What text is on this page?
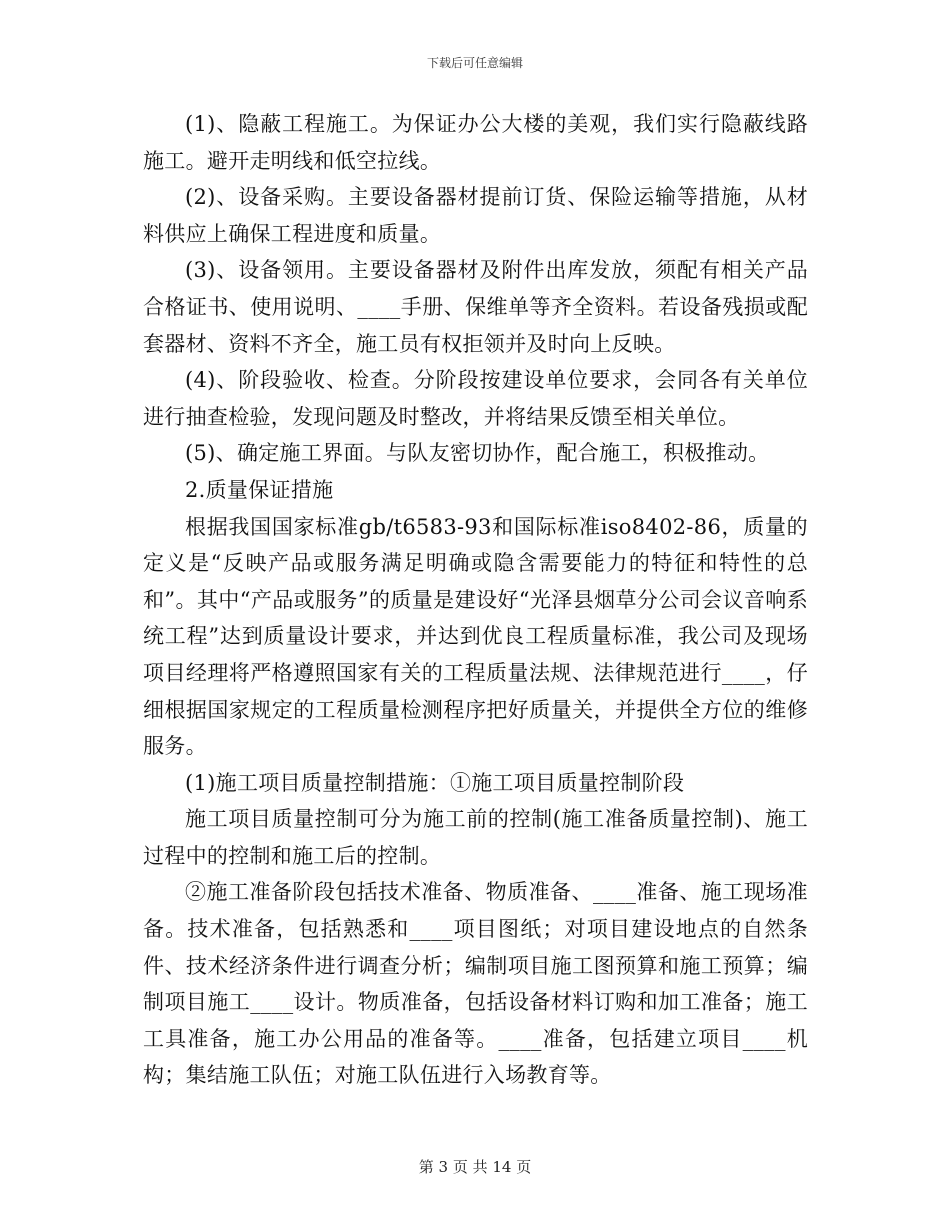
下载后可任意编辑

(1)、隐蔽工程施工。为保证办公大楼的美观，我们实行隐蔽线路施工。避开走明线和低空拉线。

(2)、设备采购。主要设备器材提前订货、保险运输等措施，从材料供应上确保工程进度和质量。

(3)、设备领用。主要设备器材及附件出库发放，须配有相关产品合格证书、使用说明、____手册、保维单等齐全资料。若设备残损或配套器材、资料不齐全，施工员有权拒领并及时向上反映。

(4)、阶段验收、检查。分阶段按建设单位要求，会同各有关单位进行抽查检验，发现问题及时整改，并将结果反馈至相关单位。

(5)、确定施工界面。与队友密切协作，配合施工，积极推动。

2.质量保证措施

根据我国国家标准gb/t6583-93和国际标准iso8402-86，质量的定义是“反映产品或服务满足明确或隐含需要能力的特征和特性的总和”。其中“产品或服务”的质量是建设好“光泽县烟草分公司会议音响系统工程”达到质量设计要求，并达到优良工程质量标准，我公司及现场项目经理将严格遵照国家有关的工程质量法规、法律规范进行____，仔细根据国家规定的工程质量检测程序把好质量关，并提供全方位的维修服务。

(1)施工项目质量控制措施：①施工项目质量控制阶段

施工项目质量控制可分为施工前的控制(施工准备质量控制)、施工过程中的控制和施工后的控制。

②施工准备阶段包括技术准备、物质准备、____准备、施工现场准备。技术准备，包括熟悉和____项目图纸；对项目建设地点的自然条件、技术经济条件进行调查分析；编制项目施工图预算和施工预算；编制项目施工____设计。物质准备，包括设备材料订购和加工准备；施工工具准备，施工办公用品的准备等。____准备，包括建立项目____机构；集结施工队伍；对施工队伍进行入场教育等。

第 3 页 共 14 页
